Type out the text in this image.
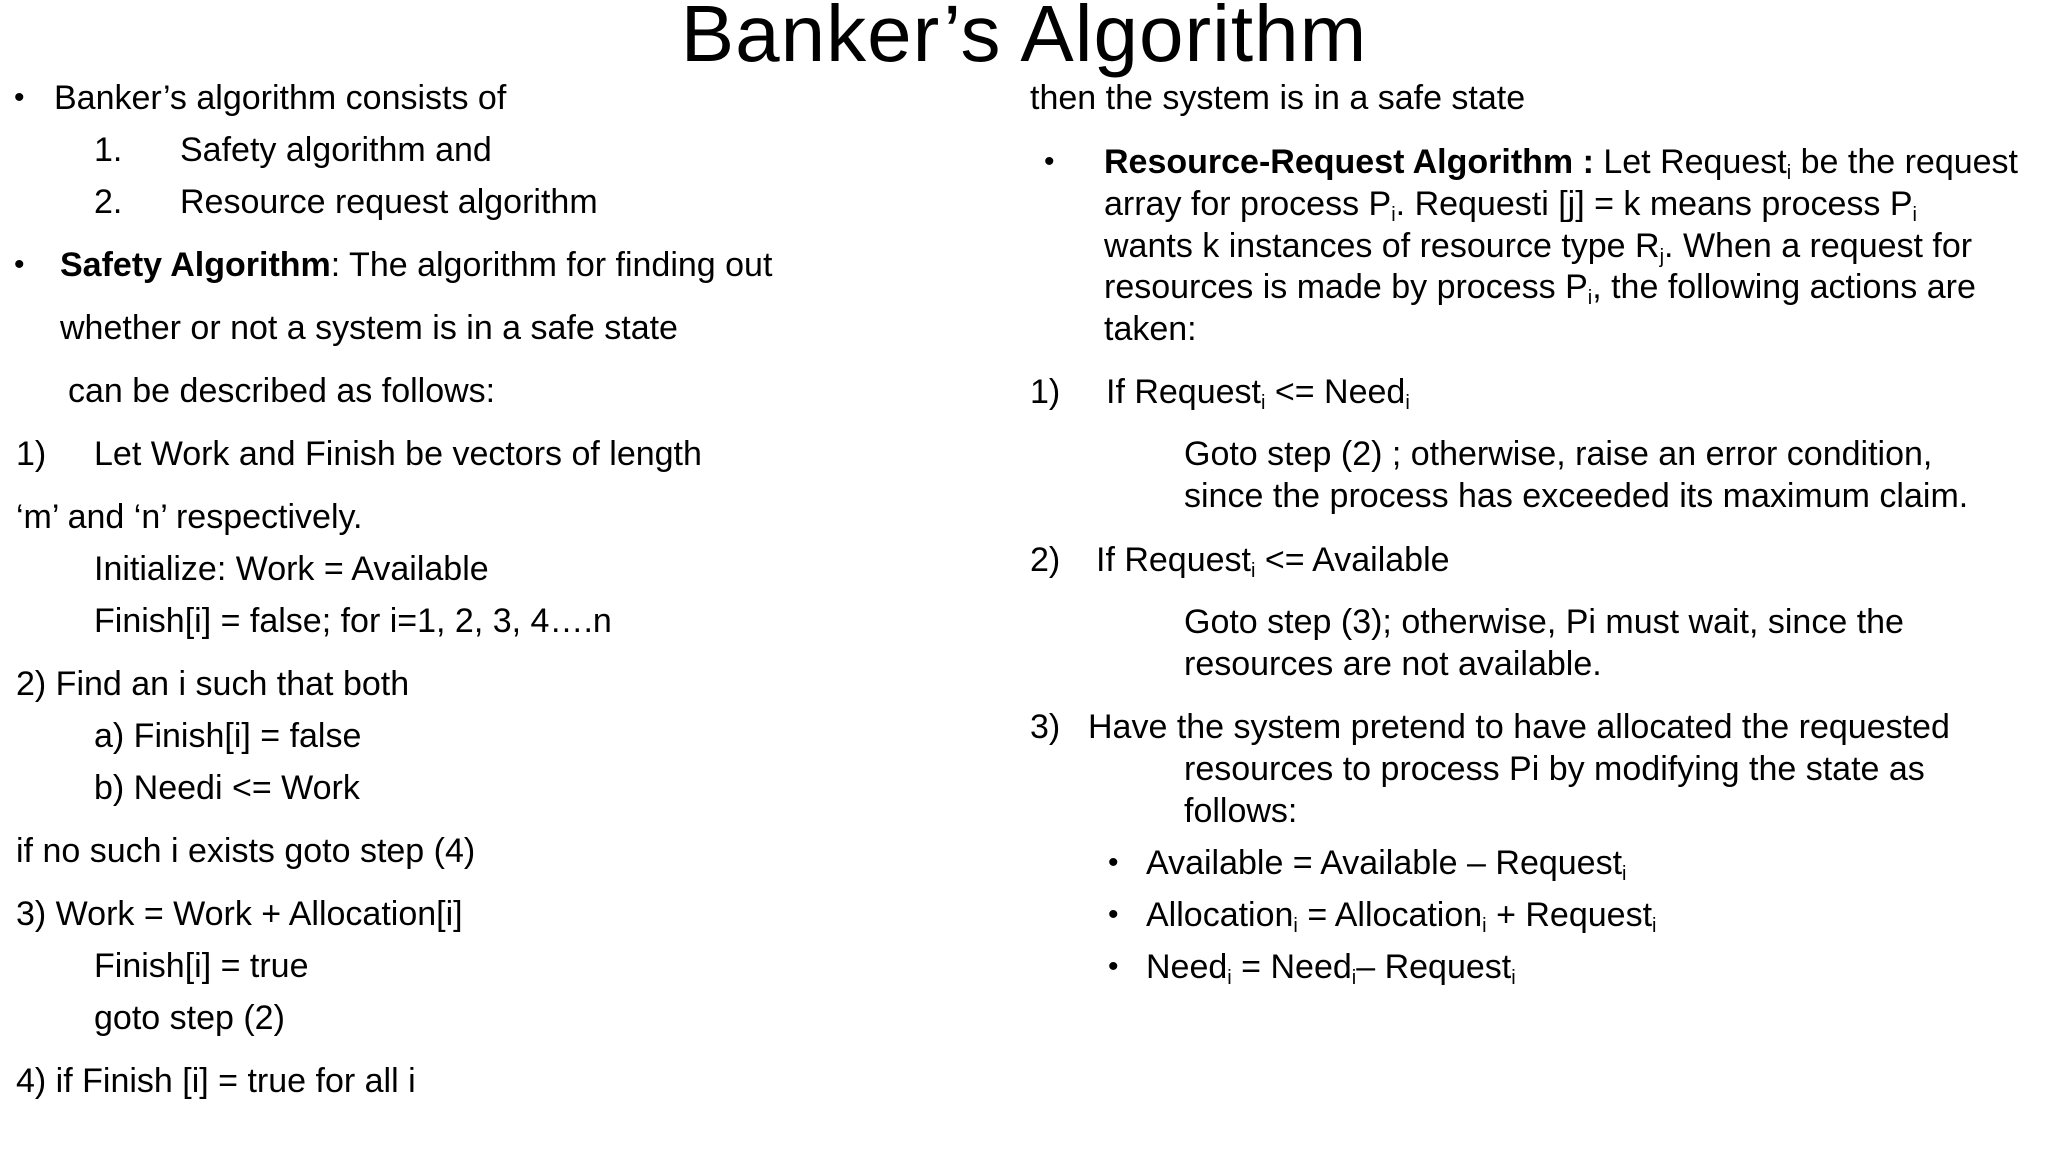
Banker’s Algorithm
• Banker’s algorithm consists of
1. Safety algorithm and
2. Resource request algorithm
• Safety Algorithm: The algorithm for finding out
whether or not a system is in a safe state
can be described as follows:
1) Let Work and Finish be vectors of length
‘m’ and ‘n’ respectively.
Initialize: Work = Available
Finish[i] = false; for i=1, 2, 3, 4….n
2) Find an i such that both
a) Finish[i] = false
b) Needi <= Work
if no such i exists goto step (4)
3) Work = Work + Allocation[i]
Finish[i] = true
goto step (2)
4) if Finish [i] = true for all i
then the system is in a safe state
• Resource-Request Algorithm : Let Request$_i$ be the request
array for process $P_i$. Requesti [j] = k means process $P_i$
wants k instances of resource type $R_j$. When a request for
resources is made by process $P_i$, the following actions are
taken:
1) If Request$_i$ <= Need$_i$
Goto step (2) ; otherwise, raise an error condition,
since the process has exceeded its maximum claim.
2) If Request$_i$ <= Available
Goto step (3); otherwise, Pi must wait, since the
resources are not available.
3) Have the system pretend to have allocated the requested
resources to process Pi by modifying the state as
follows:
• Available = Available – Request$_i$
• Allocation$_i$ = Allocation$_i$ + Request$_i$
• Need$_i$ = Need$_i$– Request$_i$
